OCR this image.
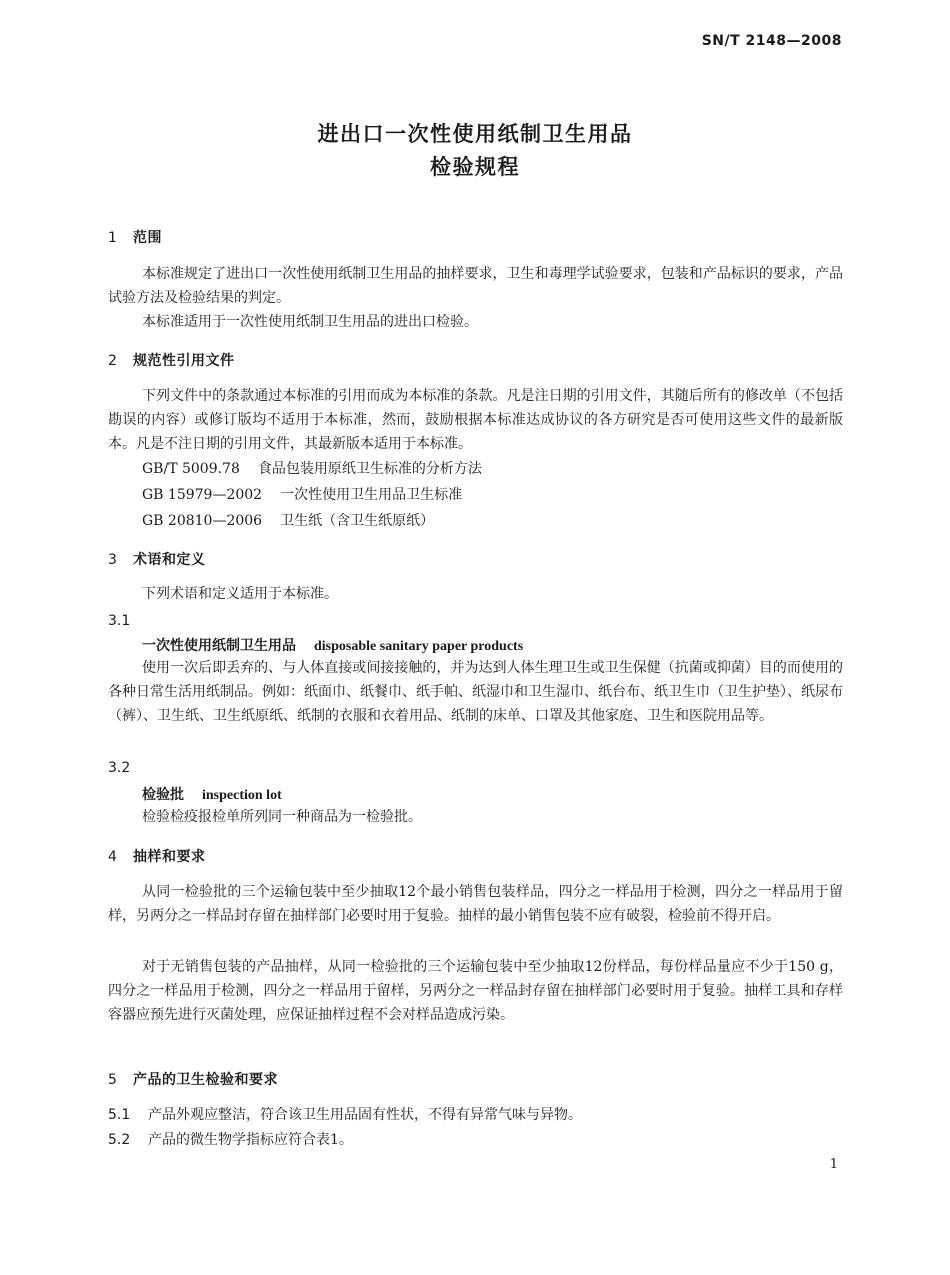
SN/T 2148—2008
进出口一次性使用纸制卫生用品
检验规程
1 范围
本标准规定了进出口一次性使用纸制卫生用品的抽样要求，卫生和毒理学试验要求，包装和产品标识的要求，产品试验方法及检验结果的判定。
本标准适用于一次性使用纸制卫生用品的进出口检验。
2 规范性引用文件
下列文件中的条款通过本标准的引用而成为本标准的条款。凡是注日期的引用文件，其随后所有的修改单（不包括勘误的内容）或修订版均不适用于本标准，然而，鼓励根据本标准达成协议的各方研究是否可使用这些文件的最新版本。凡是不注日期的引用文件，其最新版本适用于本标准。
GB/T 5009.78 食品包装用原纸卫生标准的分析方法
GB 15979—2002 一次性使用卫生用品卫生标准
GB 20810—2006 卫生纸（含卫生纸原纸）
3 术语和定义
下列术语和定义适用于本标准。
3.1
一次性使用纸制卫生用品 disposable sanitary paper products
使用一次后即丢弃的、与人体直接或间接接触的，并为达到人体生理卫生或卫生保健（抗菌或抑菌）目的而使用的各种日常生活用纸制品。例如：纸面巾、纸餐巾、纸手帕、纸湿巾和卫生湿巾、纸台布、纸卫生巾（卫生护垫）、纸尿布（裤）、卫生纸、卫生纸原纸、纸制的衣服和衣着用品、纸制的床单、口罩及其他家庭、卫生和医院用品等。
3.2
检验批 inspection lot
检验检疫报检单所列同一种商品为一检验批。
4 抽样和要求
从同一检验批的三个运输包装中至少抽取12个最小销售包装样品，四分之一样品用于检测，四分之一样品用于留样，另两分之一样品封存留在抽样部门必要时用于复验。抽样的最小销售包装不应有破裂，检验前不得开启。
对于无销售包装的产品抽样，从同一检验批的三个运输包装中至少抽取12份样品，每份样品量应不少于150 g，四分之一样品用于检测，四分之一样品用于留样，另两分之一样品封存留在抽样部门必要时用于复验。抽样工具和存样容器应预先进行灭菌处理，应保证抽样过程不会对样品造成污染。
5 产品的卫生检验和要求
5.1 产品外观应整洁，符合该卫生用品固有性状，不得有异常气味与异物。
5.2 产品的微生物学指标应符合表1。
1
